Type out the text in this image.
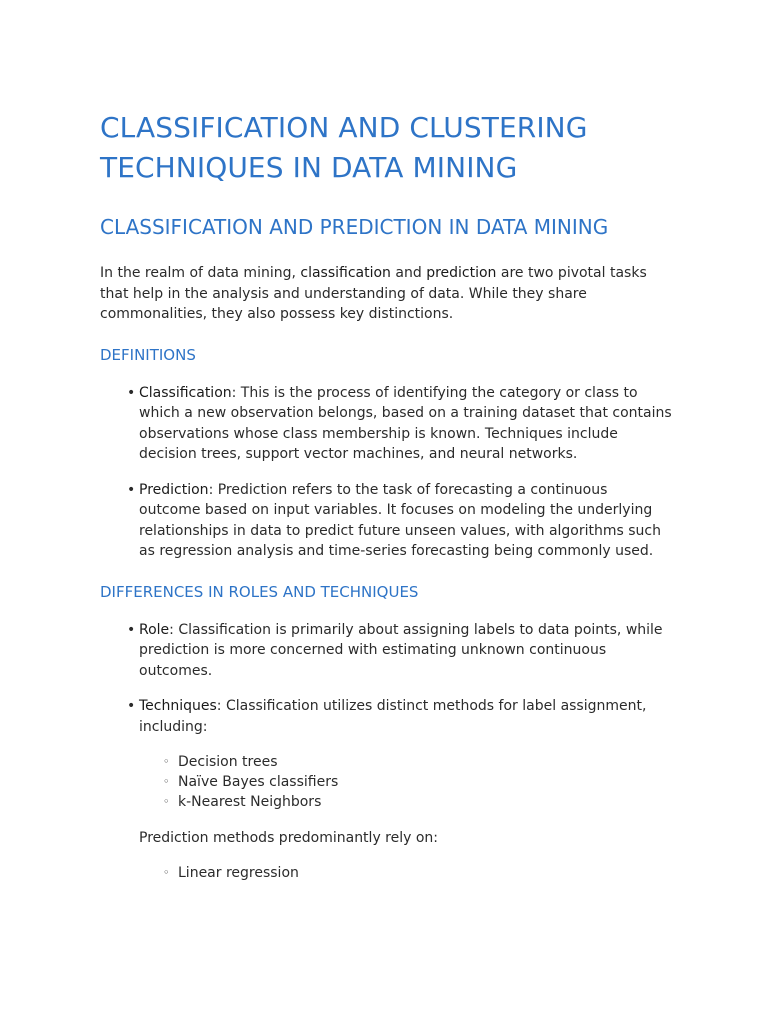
CLASSIFICATION AND CLUSTERING TECHNIQUES IN DATA MINING
CLASSIFICATION AND PREDICTION IN DATA MINING

In the realm of data mining, classification and prediction are two pivotal tasks that help in the analysis and understanding of data. While they share commonalities, they also possess key distinctions.

DEFINITIONS
• Classification: This is the process of identifying the category or class to which a new observation belongs, based on a training dataset that contains observations whose class membership is known. Techniques include decision trees, support vector machines, and neural networks.
• Prediction: Prediction refers to the task of forecasting a continuous outcome based on input variables. It focuses on modeling the underlying relationships in data to predict future unseen values, with algorithms such as regression analysis and time-series forecasting being commonly used.
DIFFERENCES IN ROLES AND TECHNIQUES
• Role: Classification is primarily about assigning labels to data points, while prediction is more concerned with estimating unknown continuous outcomes.
• Techniques: Classification utilizes distinct methods for label assignment, including:
◦ Decision trees
◦ Naïve Bayes classifiers
◦ k-Nearest Neighbors

Prediction methods predominantly rely on:

◦ Linear regression
